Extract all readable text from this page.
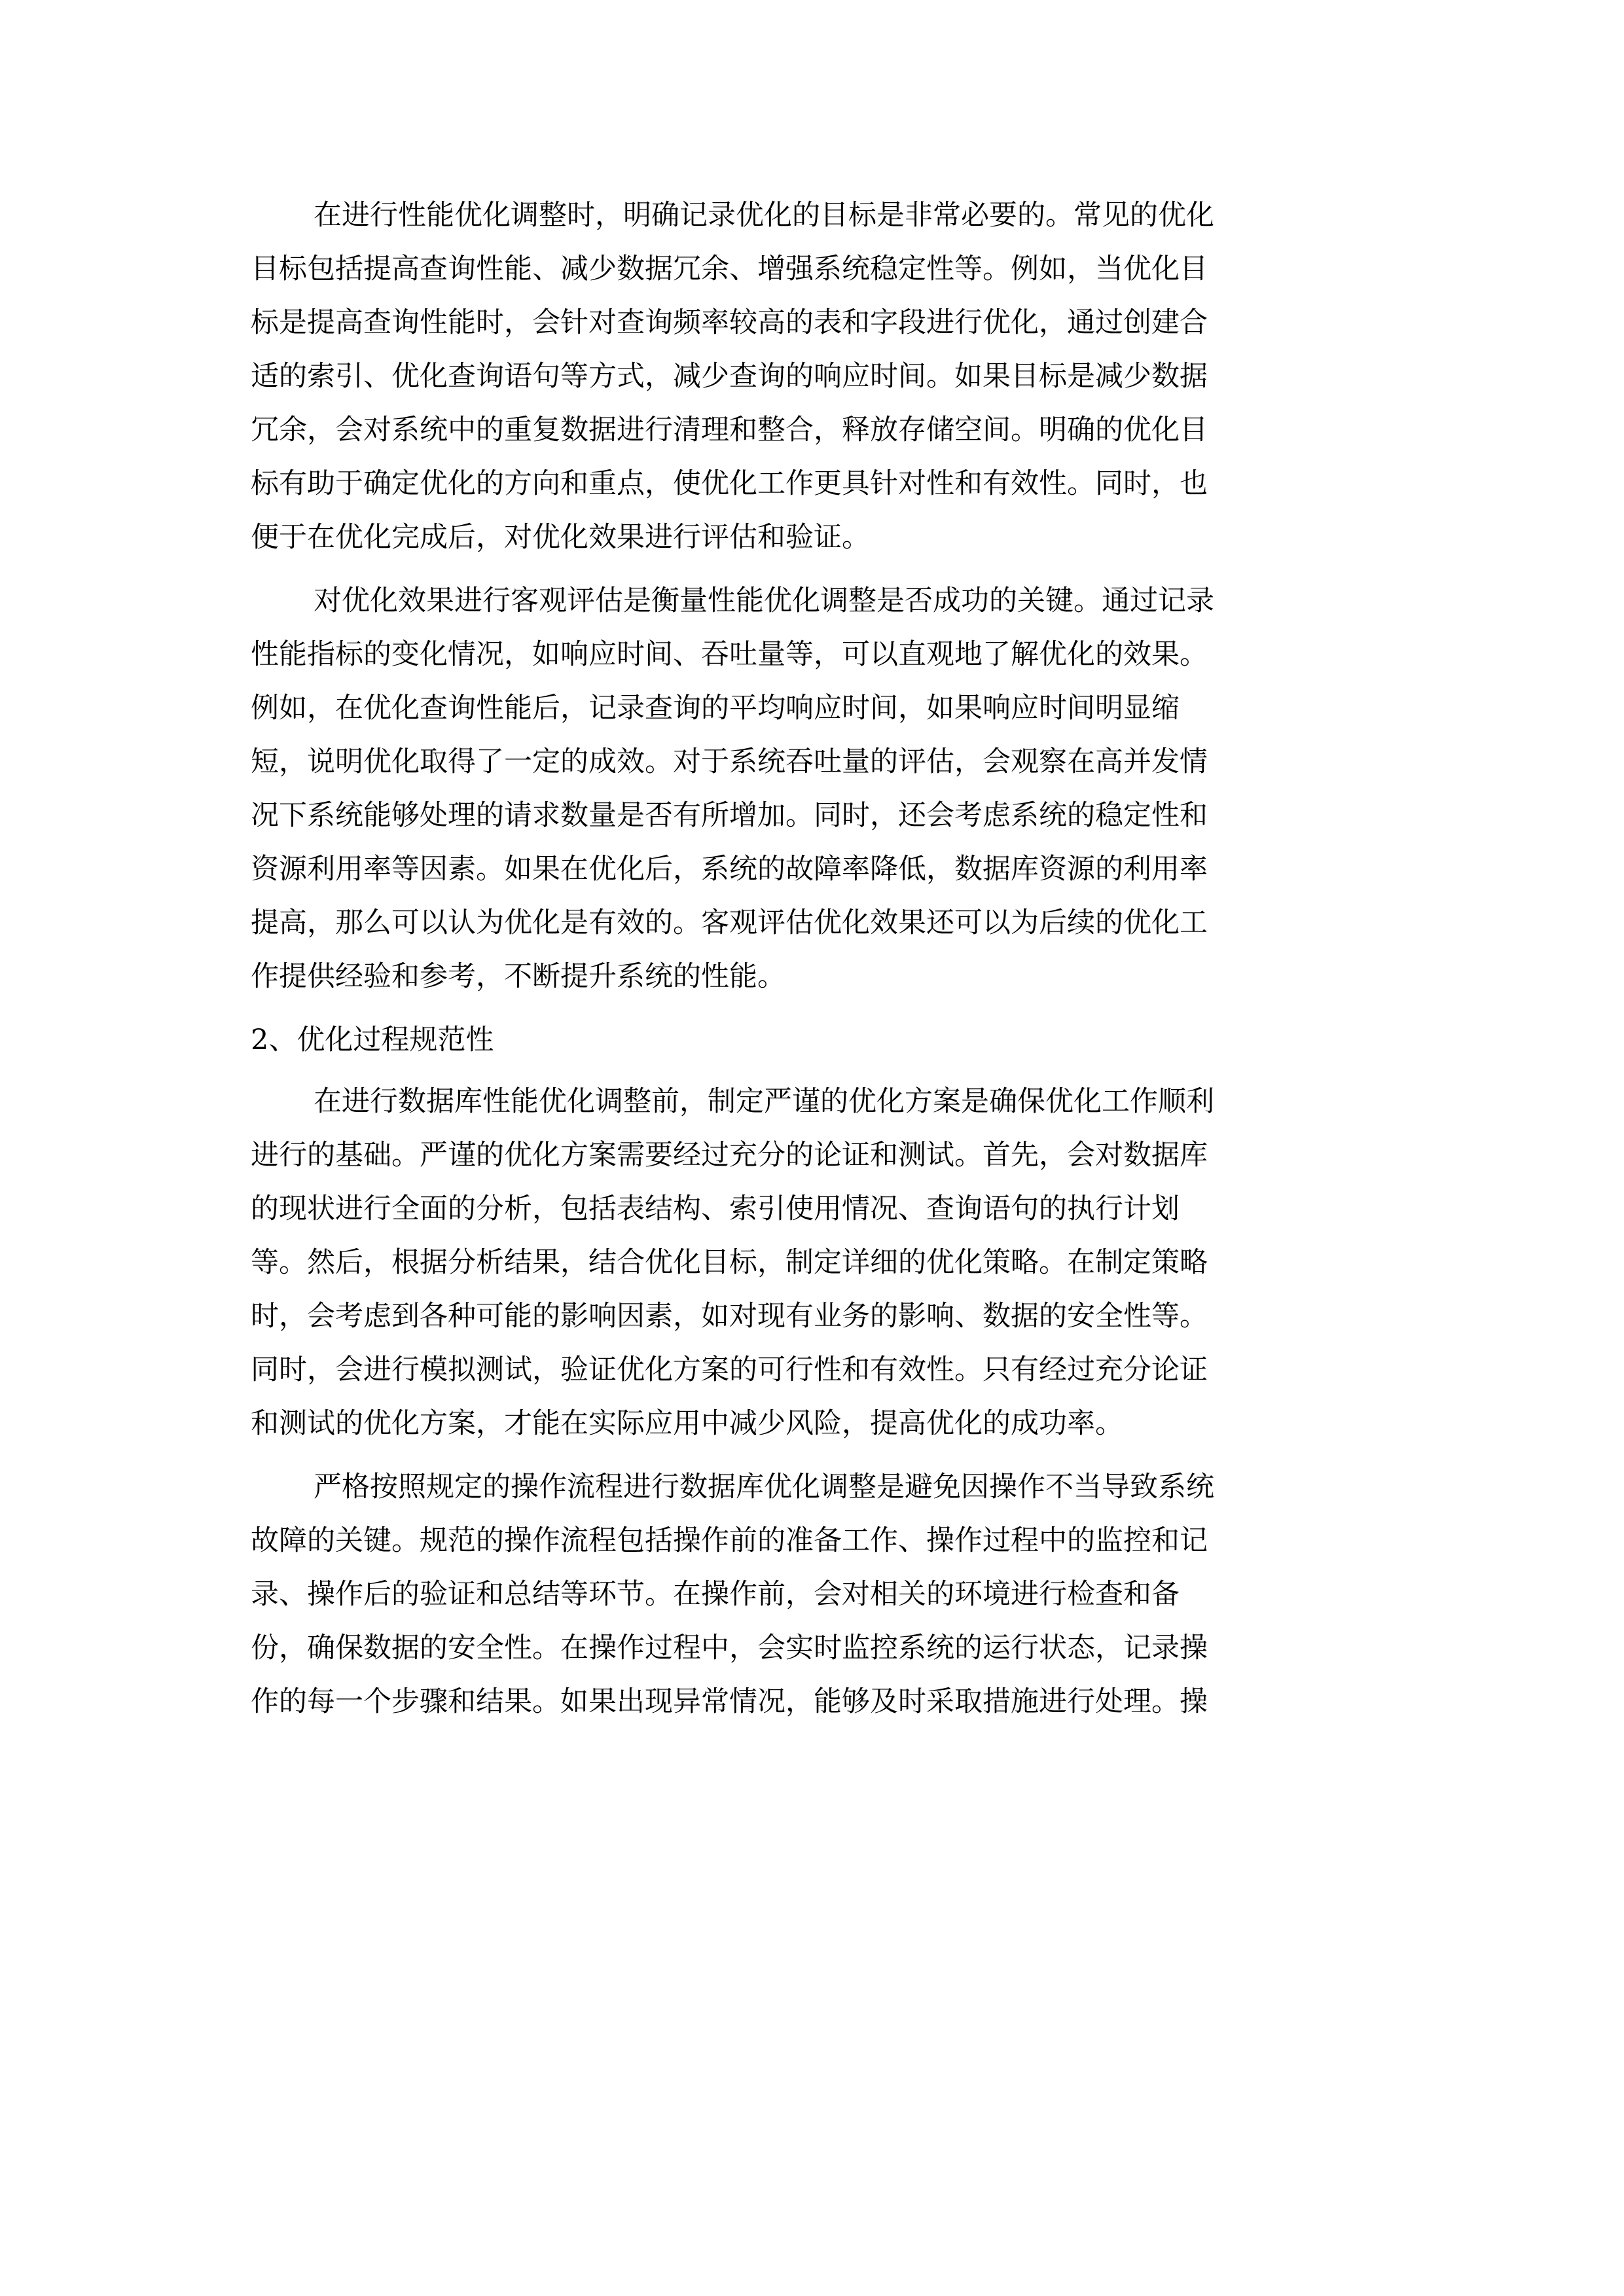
在进行性能优化调整时，明确记录优化的目标是非常必要的。常见的优化
目标包括提高查询性能、减少数据冗余、增强系统稳定性等。例如，当优化目
标是提高查询性能时，会针对查询频率较高的表和字段进行优化，通过创建合
适的索引、优化查询语句等方式，减少查询的响应时间。如果目标是减少数据
冗余，会对系统中的重复数据进行清理和整合，释放存储空间。明确的优化目
标有助于确定优化的方向和重点，使优化工作更具针对性和有效性。同时，也
便于在优化完成后，对优化效果进行评估和验证。
对优化效果进行客观评估是衡量性能优化调整是否成功的关键。通过记录
性能指标的变化情况，如响应时间、吞吐量等，可以直观地了解优化的效果。
例如，在优化查询性能后，记录查询的平均响应时间，如果响应时间明显缩
短，说明优化取得了一定的成效。对于系统吞吐量的评估，会观察在高并发情
况下系统能够处理的请求数量是否有所增加。同时，还会考虑系统的稳定性和
资源利用率等因素。如果在优化后，系统的故障率降低，数据库资源的利用率
提高，那么可以认为优化是有效的。客观评估优化效果还可以为后续的优化工
作提供经验和参考，不断提升系统的性能。
2、优化过程规范性
在进行数据库性能优化调整前，制定严谨的优化方案是确保优化工作顺利
进行的基础。严谨的优化方案需要经过充分的论证和测试。首先，会对数据库
的现状进行全面的分析，包括表结构、索引使用情况、查询语句的执行计划
等。然后，根据分析结果，结合优化目标，制定详细的优化策略。在制定策略
时，会考虑到各种可能的影响因素，如对现有业务的影响、数据的安全性等。
同时，会进行模拟测试，验证优化方案的可行性和有效性。只有经过充分论证
和测试的优化方案，才能在实际应用中减少风险，提高优化的成功率。
严格按照规定的操作流程进行数据库优化调整是避免因操作不当导致系统
故障的关键。规范的操作流程包括操作前的准备工作、操作过程中的监控和记
录、操作后的验证和总结等环节。在操作前，会对相关的环境进行检查和备
份，确保数据的安全性。在操作过程中，会实时监控系统的运行状态，记录操
作的每一个步骤和结果。如果出现异常情况，能够及时采取措施进行处理。操
